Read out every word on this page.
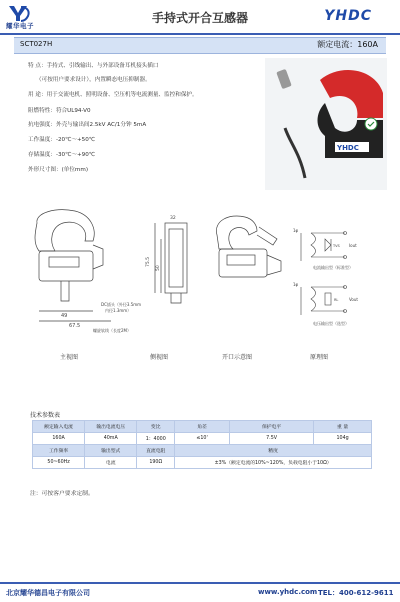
耀华电子
手持式开合互感器	YHDC
SCT027H	额定电流：160A
特 点：手持式、引线输出、与外部设备耳机接头插口
（可按用户要求设计），内置瞬态电压抑制器。
用 途：用于交流电机、照明设备、空压机等电流测量、监控和保护。
阻燃特性：符合UL94-V0
抗电强度：外壳与输出间2.5kV AC/1分钟 5mA
工作温度：-20℃～+50℃
存储温度：-30℃～+90℃
外形尺寸图：(单位mm)
YHDC
49
67.5
DC插头（外径3.5mm
内径1.3mm）
螺旋软线（长度2M）
75.5
50
32
1φ
Iout
TVS
电流输出型（标准型）
1φ
RL	Vout
电压输出型（选型）
主视图	侧视图	开口示意图	原理图
技术参数表
额定输入电流	输出电流电压	变比	角差	保护电平	重 量
160A	40mA	1：4000	≤10'	7.5V	104g
工作频率	输出型式	直流电阻	精度		
50~60Hz	电流	190Ω	±3%（额定电流的10%~120%，负载电阻小于10Ω）		
注：可按客户要求定制。
北京耀华德昌电子有限公司	www.yhdc.com TEL：400-612-9611
